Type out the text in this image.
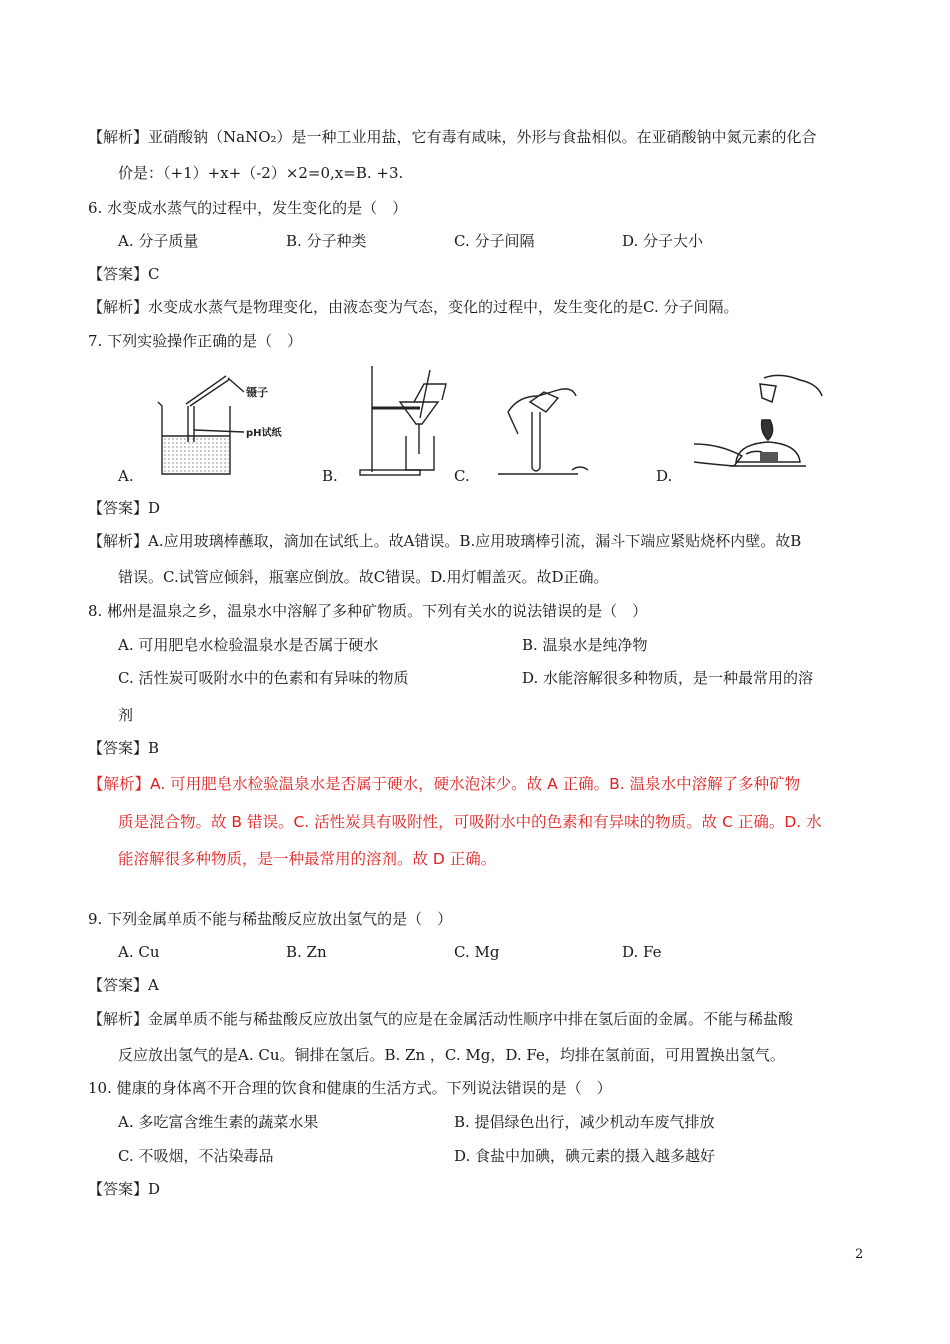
【解析】亚硝酸钠（NaNO₂）是一种工业用盐，它有毒有咸味，外形与食盐相似。在亚硝酸钠中氮元素的化合
价是：（+1）+x+（-2）×2=0,x=B. +3.
6. 水变成水蒸气的过程中，发生变化的是（　）
A. 分子质量	B. 分子种类	C. 分子间隔	D. 分子大小
【答案】C
【解析】水变成水蒸气是物理变化，由液态变为气态，变化的过程中，发生变化的是C. 分子间隔。
7. 下列实验操作正确的是（　）
镊子
pH试纸
A.	B.	C.	D.
【答案】D
【解析】A.应用玻璃棒蘸取，滴加在试纸上。故A错误。B.应用玻璃棒引流，漏斗下端应紧贴烧杯内壁。故B
错误。C.试管应倾斜，瓶塞应倒放。故C错误。D.用灯帽盖灭。故D正确。
8. 郴州是温泉之乡，温泉水中溶解了多种矿物质。下列有关水的说法错误的是（　）
A. 可用肥皂水检验温泉水是否属于硬水	B. 温泉水是纯净物
C. 活性炭可吸附水中的色素和有异味的物质	D. 水能溶解很多种物质，是一种最常用的溶
剂
【答案】B
【解析】A. 可用肥皂水检验温泉水是否属于硬水，硬水泡沫少。故 A 正确。B. 温泉水中溶解了多种矿物
质是混合物。故 B 错误。C. 活性炭具有吸附性，可吸附水中的色素和有异味的物质。故 C 正确。D. 水
能溶解很多种物质，是一种最常用的溶剂。故 D 正确。
9. 下列金属单质不能与稀盐酸反应放出氢气的是（　）
A. Cu	B. Zn	C. Mg	D. Fe
【答案】A
【解析】金属单质不能与稀盐酸反应放出氢气的应是在金属活动性顺序中排在氢后面的金属。不能与稀盐酸
反应放出氢气的是A. Cu。铜排在氢后。B. Zn ，C. Mg，D. Fe，均排在氢前面，可用置换出氢气。
10. 健康的身体离不开合理的饮食和健康的生活方式。下列说法错误的是（　）
A. 多吃富含维生素的蔬菜水果	B. 提倡绿色出行，减少机动车废气排放
C. 不吸烟，不沾染毒品	D. 食盐中加碘，碘元素的摄入越多越好
【答案】D
2
